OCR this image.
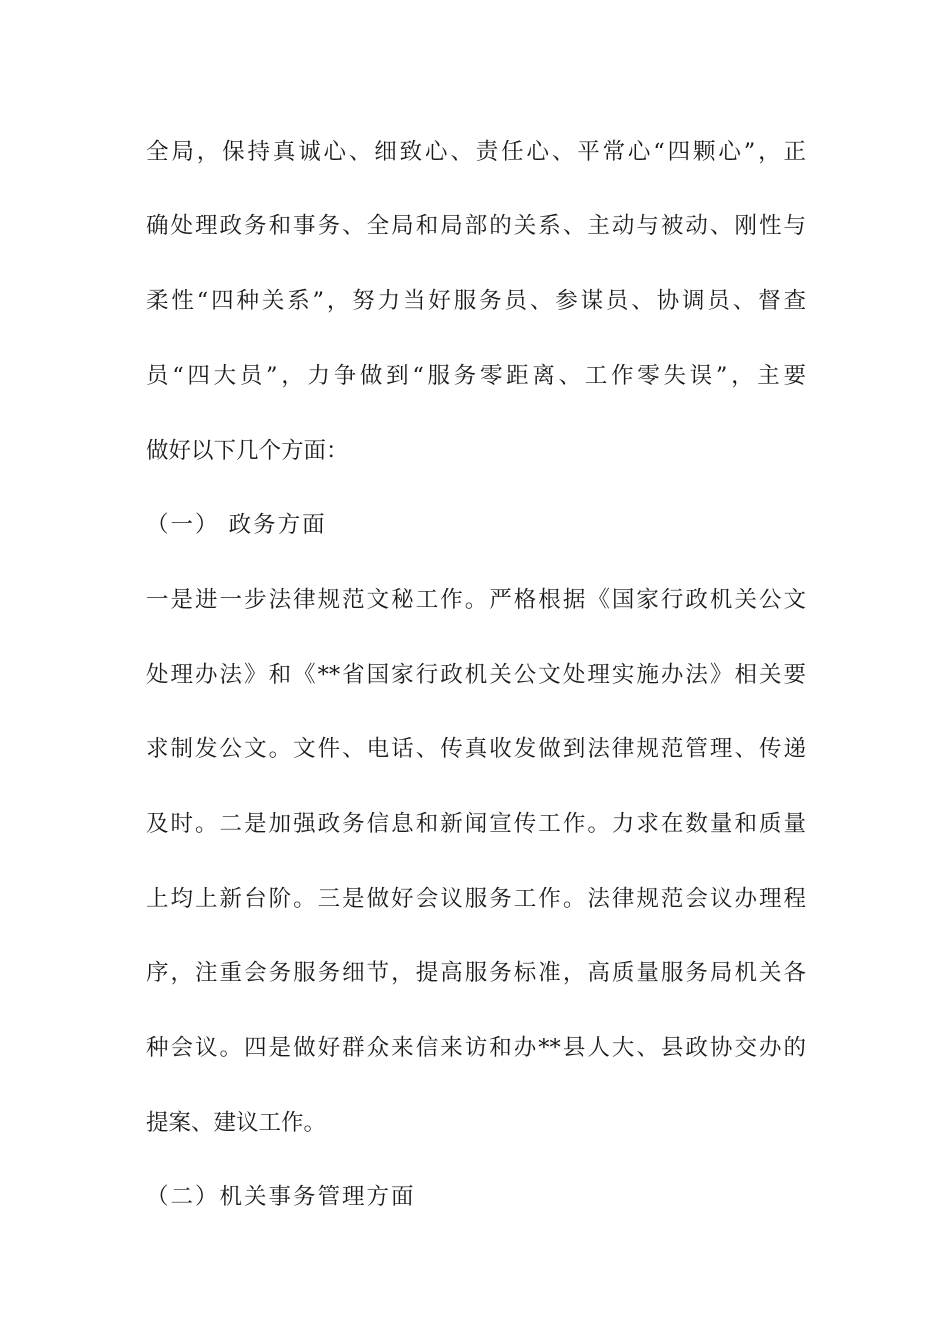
全局，保持真诚心、细致心、责任心、平常心“四颗心”，正
确处理政务和事务、全局和局部的关系、主动与被动、刚性与
柔性“四种关系”，努力当好服务员、参谋员、协调员、督查
员“四大员”，力争做到“服务零距离、工作零失误”，主要
做好以下几个方面：
（一） 政务方面
一是进一步法律规范文秘工作。严格根据《国家行政机关公文
处理办法》和《**省国家行政机关公文处理实施办法》相关要
求制发公文。文件、电话、传真收发做到法律规范管理、传递
及时。二是加强政务信息和新闻宣传工作。力求在数量和质量
上均上新台阶。三是做好会议服务工作。法律规范会议办理程
序，注重会务服务细节，提高服务标准，高质量服务局机关各
种会议。四是做好群众来信来访和办**县人大、县政协交办的
提案、建议工作。
（二）机关事务管理方面
